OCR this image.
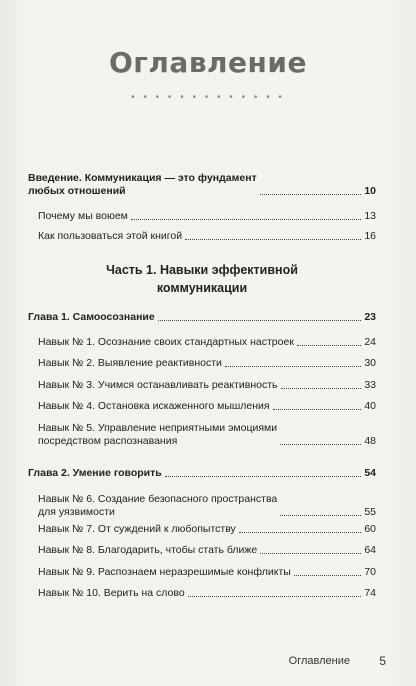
Оглавление
• • • • • • • • • • • • •
Введение. Коммуникация — это фундамент
любых отношений	10
Почему мы воюем	13
Как пользоваться этой книгой	16
Часть 1. Навыки эффективной
коммуникации
Глава 1. Самоосознание	23
Навык № 1. Осознание своих стандартных настроек	24
Навык № 2. Выявление реактивности	30
Навык № 3. Учимся останавливать реактивность	33
Навык № 4. Остановка искаженного мышления	40
Навык № 5. Управление неприятными эмоциями
посредством распознавания	48
Глава 2. Умение говорить	54
Навык № 6. Создание безопасного пространства
для уязвимости	55
Навык № 7. От суждений к любопытству	60
Навык № 8. Благодарить, чтобы стать ближе	64
Навык № 9. Распознаем неразрешимые конфликты	70
Навык № 10. Верить на слово	74
Оглавление 5
